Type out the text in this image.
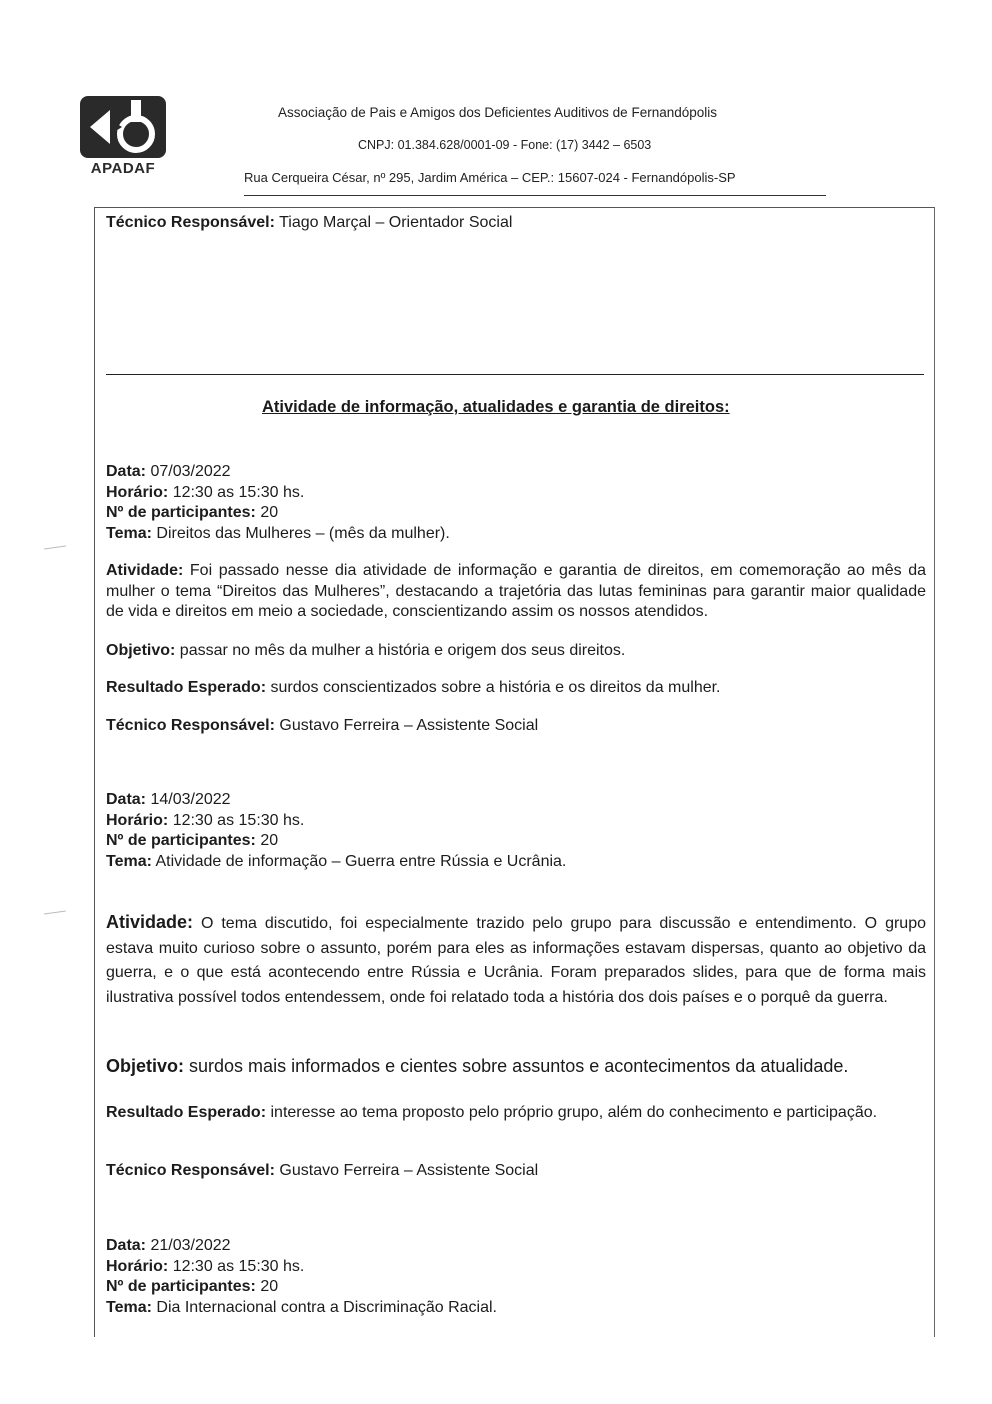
APADAF
Associação de Pais e Amigos dos Deficientes Auditivos de Fernandópolis
CNPJ: 01.384.628/0001-09 - Fone: (17) 3442 – 6503
Rua Cerqueira César, nº 295, Jardim América – CEP.: 15607-024 - Fernandópolis-SP
Técnico Responsável: Tiago Marçal – Orientador Social
Atividade de informação, atualidades e garantia de direitos:
Data: 07/03/2022
Horário: 12:30 as 15:30 hs.
Nº de participantes: 20
Tema: Direitos das Mulheres – (mês da mulher).
Atividade: Foi passado nesse dia atividade de informação e garantia de direitos, em comemoração ao mês da mulher o tema “Direitos das Mulheres”, destacando a trajetória das lutas femininas para garantir maior qualidade de vida e direitos em meio a sociedade, conscientizando assim os nossos atendidos.
Objetivo: passar no mês da mulher a história e origem dos seus direitos.
Resultado Esperado: surdos conscientizados sobre a história e os direitos da mulher.
Técnico Responsável: Gustavo Ferreira – Assistente Social
Data: 14/03/2022
Horário: 12:30 as 15:30 hs.
Nº de participantes: 20
Tema: Atividade de informação – Guerra entre Rússia e Ucrânia.
Atividade: O tema discutido, foi especialmente trazido pelo grupo para discussão e entendimento. O grupo estava muito curioso sobre o assunto, porém para eles as informações estavam dispersas, quanto ao objetivo da guerra, e o que está acontecendo entre Rússia e Ucrânia. Foram preparados slides, para que de forma mais ilustrativa possível todos entendessem, onde foi relatado toda a história dos dois países e o porquê da guerra.
Objetivo: surdos mais informados e cientes sobre assuntos e acontecimentos da atualidade.
Resultado Esperado: interesse ao tema proposto pelo próprio grupo, além do conhecimento e participação.
Técnico Responsável: Gustavo Ferreira – Assistente Social
Data: 21/03/2022
Horário: 12:30 as 15:30 hs.
Nº de participantes: 20
Tema: Dia Internacional contra a Discriminação Racial.
